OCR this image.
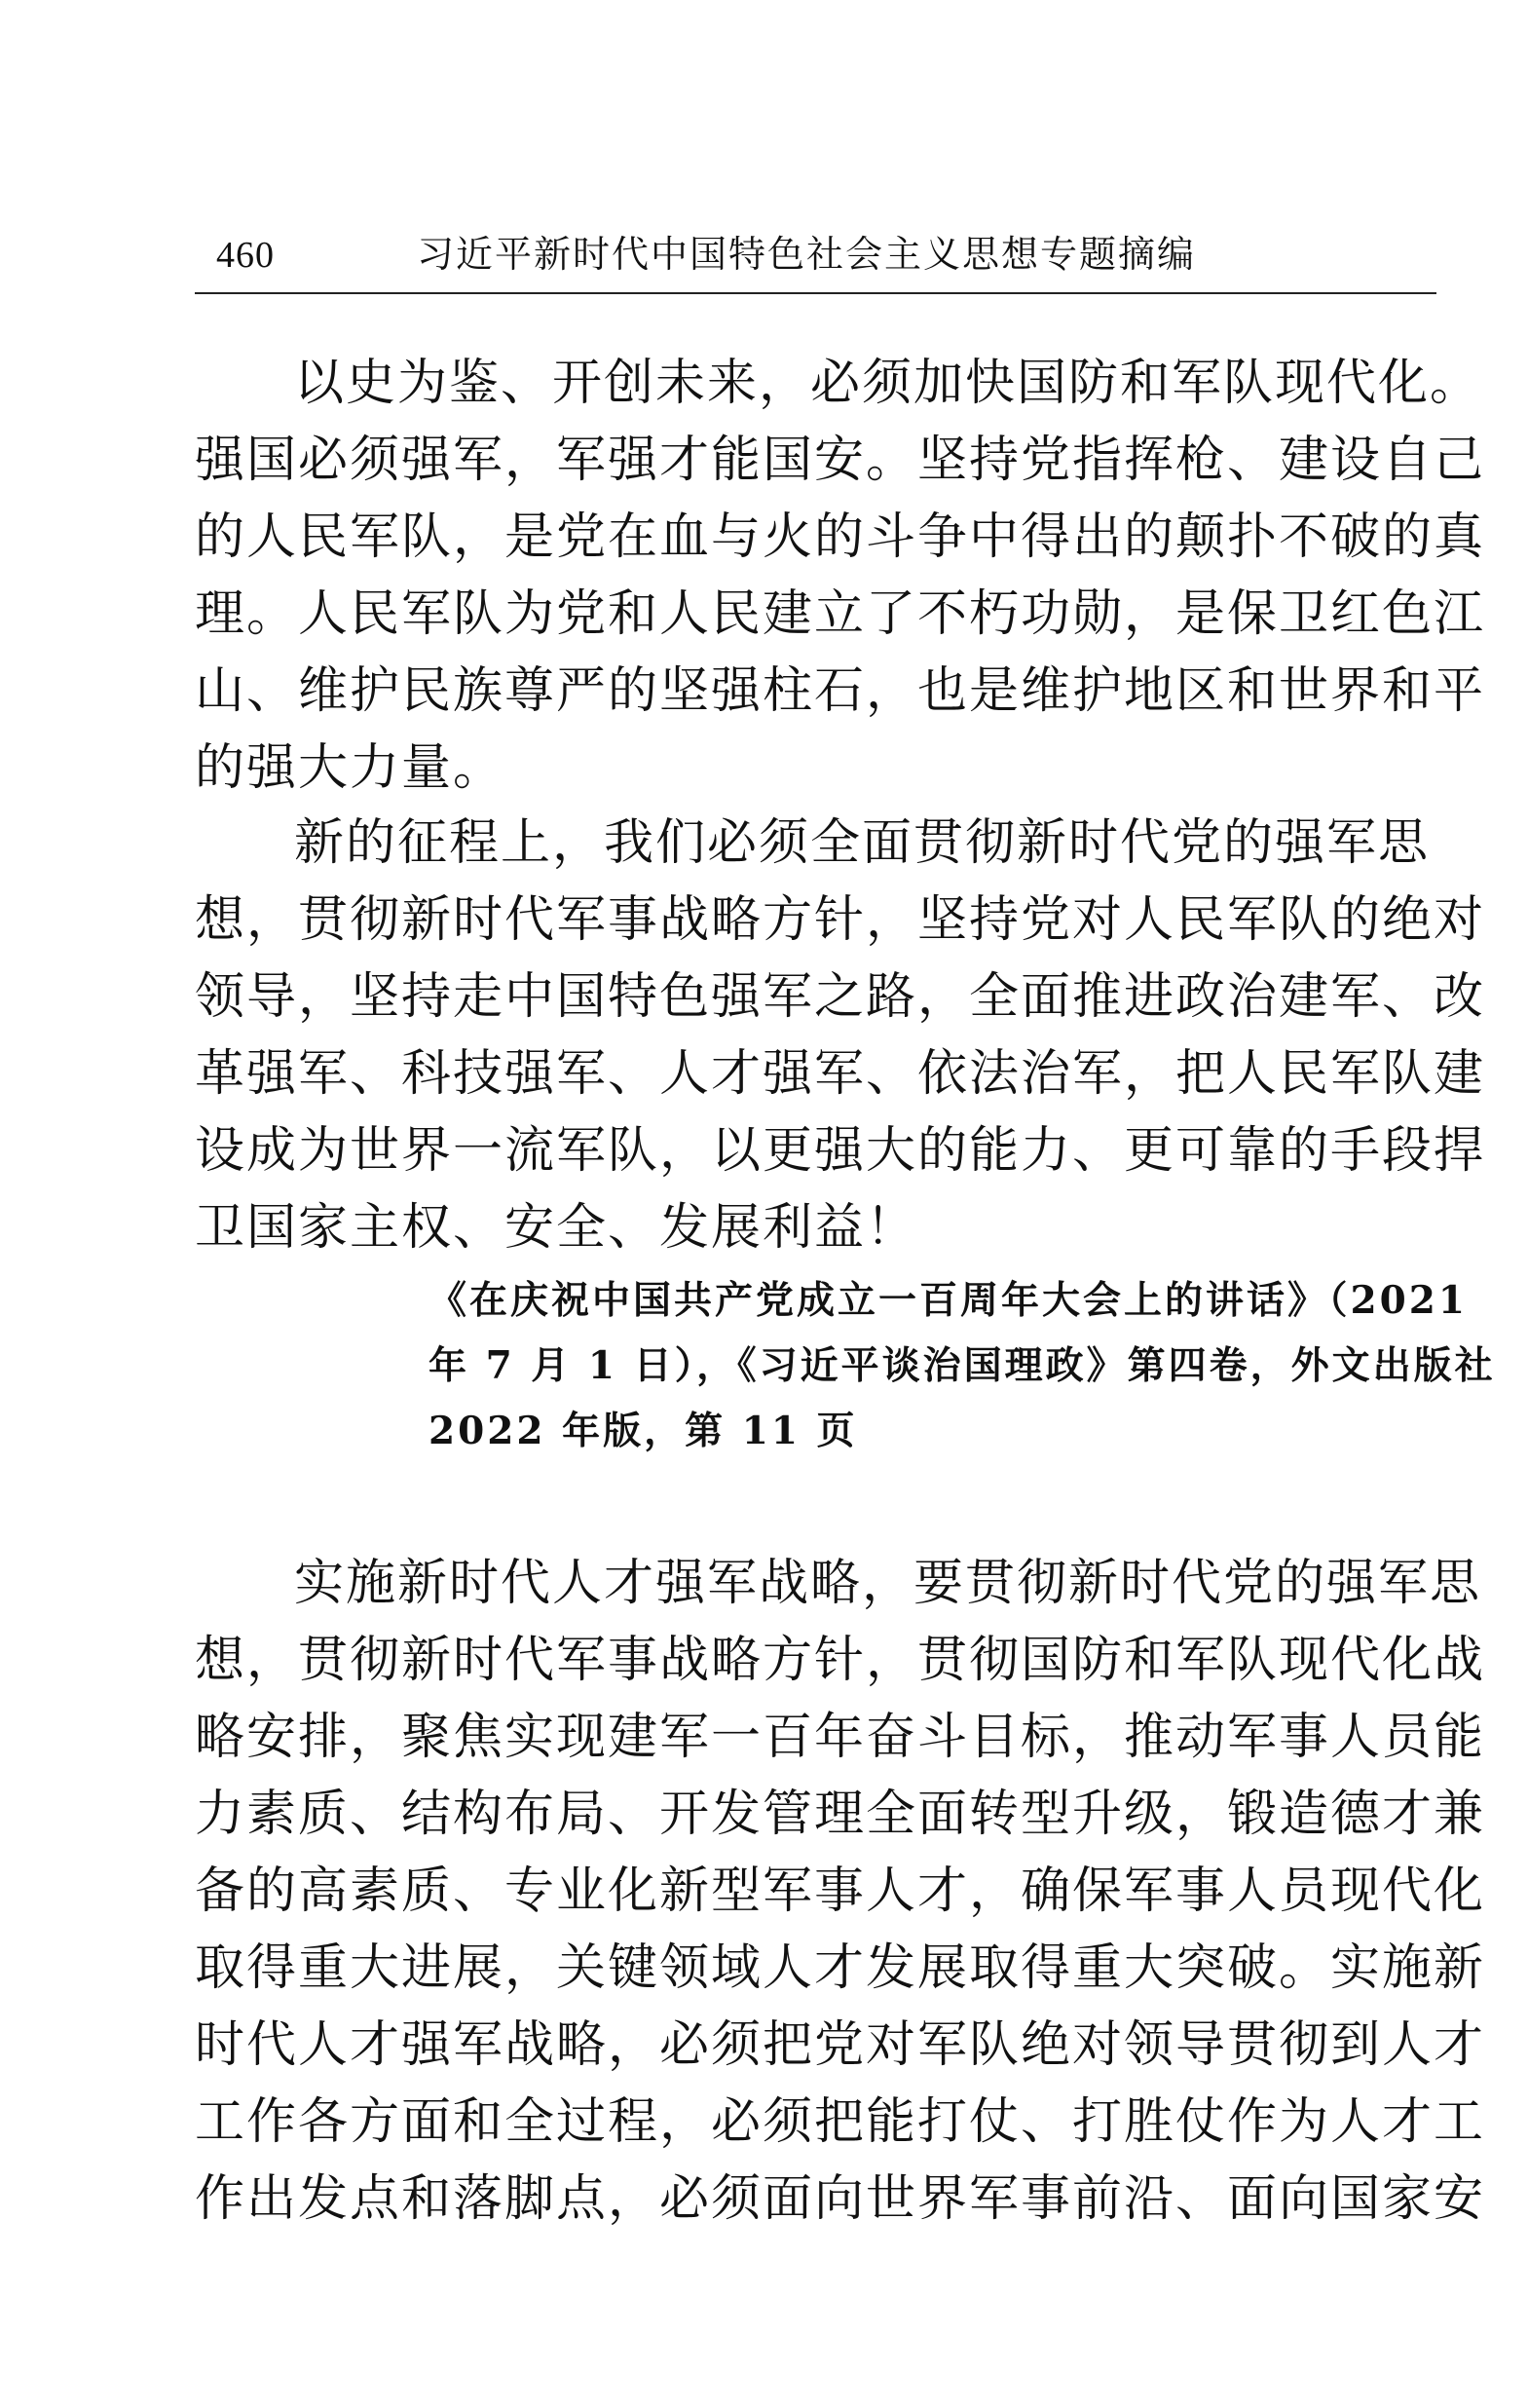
460	习近平新时代中国特色社会主义思想专题摘编

以史为鉴、开创未来，必须加快国防和军队现代化。
强国必须强军，军强才能国安。坚持党指挥枪、建设自己
的人民军队，是党在血与火的斗争中得出的颠扑不破的真
理。人民军队为党和人民建立了不朽功勋，是保卫红色江
山、维护民族尊严的坚强柱石，也是维护地区和世界和平
的强大力量。

新的征程上，我们必须全面贯彻新时代党的强军思
想，贯彻新时代军事战略方针，坚持党对人民军队的绝对
领导，坚持走中国特色强军之路，全面推进政治建军、改
革强军、科技强军、人才强军、依法治军，把人民军队建
设成为世界一流军队，以更强大的能力、更可靠的手段捍
卫国家主权、安全、发展利益！

《在庆祝中国共产党成立一百周年大会上的讲话》（2021
年 7 月 1 日），《习近平谈治国理政》第四卷，外文出版社
2022 年版，第 11 页

实施新时代人才强军战略，要贯彻新时代党的强军思
想，贯彻新时代军事战略方针，贯彻国防和军队现代化战
略安排，聚焦实现建军一百年奋斗目标，推动军事人员能
力素质、结构布局、开发管理全面转型升级，锻造德才兼
备的高素质、专业化新型军事人才，确保军事人员现代化
取得重大进展，关键领域人才发展取得重大突破。实施新
时代人才强军战略，必须把党对军队绝对领导贯彻到人才
工作各方面和全过程，必须把能打仗、打胜仗作为人才工
作出发点和落脚点，必须面向世界军事前沿、面向国家安
